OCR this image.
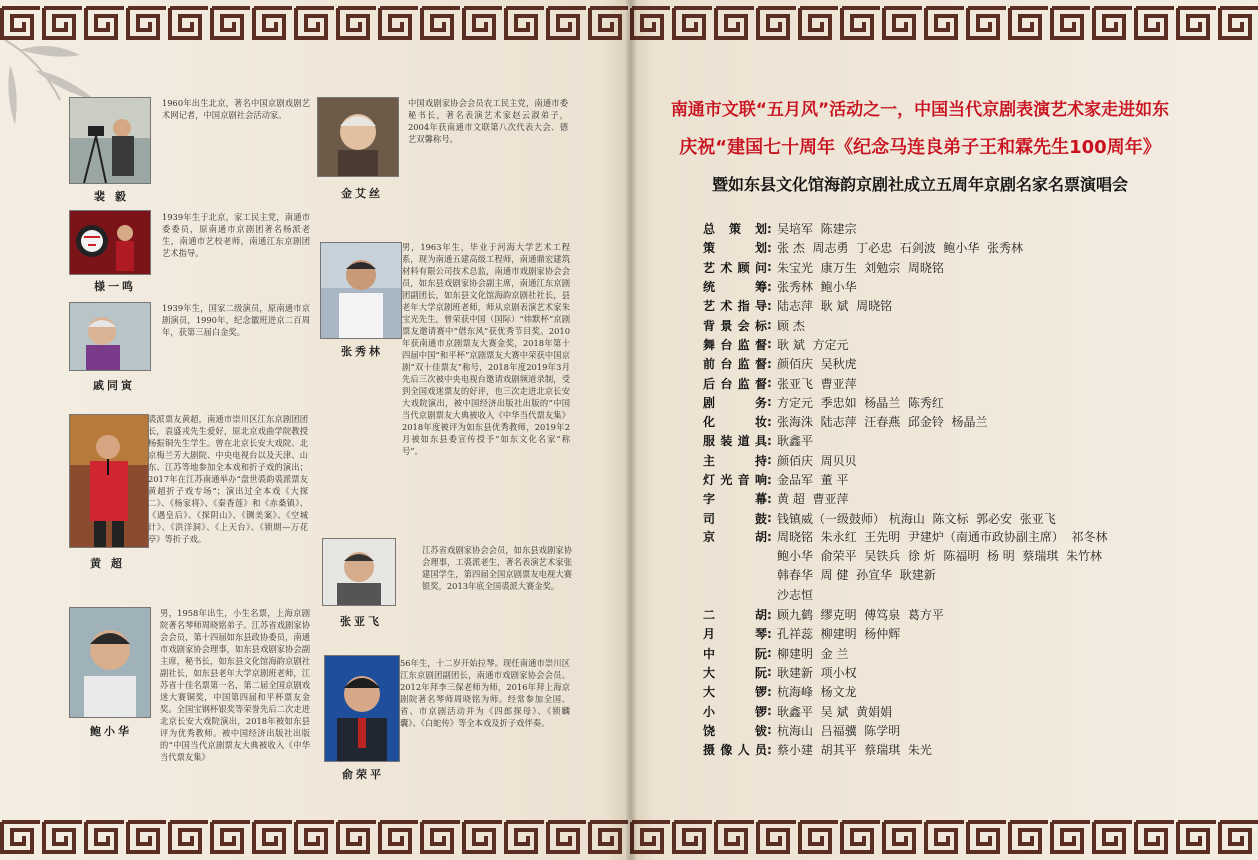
裴 毅
1960年出生北京，著名中国京剧戏剧艺术网记者，中国京剧社会活动家。
金艾丝
中国戏剧家协会会员农工民主党，南通市委秘书长，著名表演艺术家赵云淑弟子，2004年获南通市文联第八次代表大会、德艺双馨称号。
様一鸣
1939年生于北京，家工民主党，南通市委委员，原南通市京剧团著名杨派老生，南通市艺校老师，南通江东京剧团艺术指导。
张秀林
男，1963年生，毕业于河海大学艺术工程系，现为南通五建高级工程师，南通鼎宏建筑材料有限公司技术总监，南通市戏剧家协会会员，如东县戏剧家协会副主席，南通江东京剧团副团长，如东县文化馆海韵京剧社社长，县老年大学京剧班老师，师从京剧表演艺术家朱宝光先生，曾荣获中国（国际）“炜默杯”京剧票友邀请赛中“借东风”获优秀节目奖。2010年获南通市京剧票友大赛金奖，2018年第十四届中国“和平杯”京剧票友大赛中荣获中国京剧“双十佳票友”称号，2018年度2019年3月先后三次被中央电视台邀请戏剧频道录制，受到全国戏迷票友的好评，也三次走进北京长安大戏院演出，被中国经济出版社出版的“中国当代京剧票友大典被收入《中华当代票友集》2018年度被评为如东县优秀教师，2019年2月被如东县委宣传授予”如东文化名家“称号”。
戚同寅
1939年生，国家二级演员，原南通市京剧演员，1990年，纪念徽班进京二百周年，获第三届白金奖。
黄 超
裘派票友黄超，南通市崇川区江东京剧团团长，袁盛戎先生爱好，原北京戏曲学院教授杨振铜先生学生。曾在北京长安大戏院、北京梅兰芳大剧院、中央电视台以及天津、山东、江苏等地参加全本戏和折子戏的演出；2017年在江苏南通举办“盘世裘韵裘派票友黄超折子戏专场”；演出过全本戏《大探二》、《杨家将》、《秦香莲》和《赤桑镇》、《遇皇后》、《探阴山》、《铡美案》、《空城计》、《洪洋洞》、《上天台》、《锁期—万花亭》等折子戏。
张亚飞
江苏省戏剧家协会会员，如东县戏剧家协会理事，工裘派老生，著名表演艺术家张建国学生，第四届全国京剧票友电视大赛银奖，2013年底全国裘派大赛金奖。
鲍小华
男，1958年出生，小生名票，上海京剧院著名琴师周晓铭弟子。江苏省戏剧家协会会员，第十四届如东县政协委员，南通市戏剧家协会理事，如东县戏剧家协会副主席，秘书长，如东县文化馆海韵京剧社副社长，如东县老年大学京剧班老师，江苏省十佳名票第一名，第二届全国京剧戏迷大赛铜奖，中国第四届和平杯票友金奖。全国宝钢杯银奖等荣誉先后二次走进北京长安大戏院演出，2018年被如东县评为优秀教师。被中国经济出版社出版的“中国当代京剧票友大典被收入《中华当代票友集》
俞荣平
56年生，十二岁开始拉琴。现任南通市崇川区江东京剧团副团长，南通市戏剧家协会会员。2012年拜李三保老师为师，2016年拜上海京剧院著名琴师周晓铭为师。经常参加全国、省、市京剧活动并为《四郎探母》、《锁麟囊》、《白蛇传》等全本戏及折子戏伴奏。
南通市文联“五月风”活动之一，中国当代京剧表演艺术家走进如东
庆祝“建国七十周年《纪念马连良弟子王和霖先生100周年》
暨如东县文化馆海韵京剧社成立五周年京剧名家名票演唱会
总策划 : 吴培军  陈建宗
策划 : 张 杰  周志勇  丁必忠  石剑波  鲍小华  张秀林
艺术顾问 : 朱宝光  康万生  刘勉宗  周晓铭
统筹 : 张秀林  鲍小华
艺术指导 : 陆志萍  耿 斌  周晓铭
背景会标 : 顾 杰
舞台监督 : 耿 斌  方定元
前台监督 : 颜佰庆  吴秋虎
后台监督 : 张亚飞  曹亚萍
剧务 : 方定元  季忠如  杨晶兰  陈秀红
化妆 : 张海洙  陆志萍  汪春燕  邱金铃  杨晶兰
服装道具 : 耿鑫平
主持 : 颜佰庆  周贝贝
灯光音响 : 金品军  董 平
字幕 : 黄 超  曹亚萍
司鼓 : 钱镇威（一级鼓师） 杭海山  陈文标  郭必安  张亚飞
京胡 : 周晓铭  朱永红  王先明  尹建炉（南通市政协副主席）  祁冬林
鲍小华  俞荣平  吴铁兵  徐 炘  陈福明  杨 明  蔡瑞琪  朱竹林
韩春华  周 健  孙宣华  耿建新
沙志恒
二胡 : 顾九鹤  缪克明  傅笃泉  葛方平
月琴 : 孔祥蕊  柳建明  杨仲辉
中阮 : 柳建明  金 兰
大阮 : 耿建新  项小权
大锣 : 杭海峰  杨文龙
小锣 : 耿鑫平  吴 斌  黄娟娟
饶钹 : 杭海山  吕福骥  陈学明
摄像人员 : 蔡小建  胡其平  蔡瑞琪  朱光
